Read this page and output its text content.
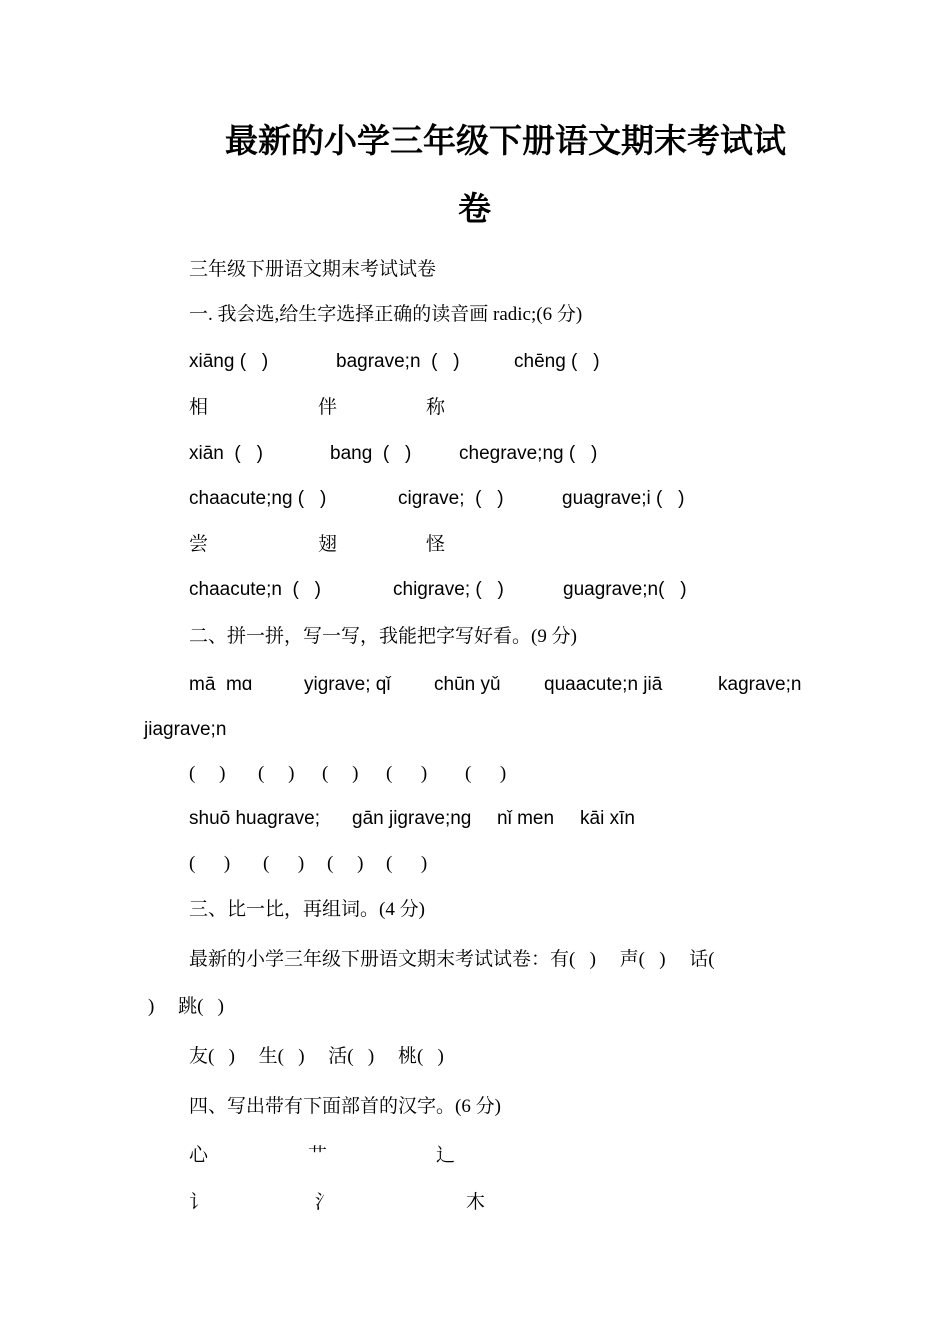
最新的小学三年级下册语文期末考试试
卷
三年级下册语文期末考试试卷
一. 我会选,给生字选择正确的读音画 radic;(6 分)
xiāng (   )	bagrave;n  (   )	chēng (   )
相	伴	称
xiān  (   )	bang  (   )	chegrave;ng (   )
chaacute;ng (   )	cigrave;  (   )	guagrave;i (   )
尝	翅	怪
chaacute;n  (   )	chigrave; (   )	guagrave;n(   )
二、拼一拼，写一写，我能把字写好看。(9 分)
mā  mɑ	yigrave; qǐ chūn yǔ quaacute;n jiā	kagrave;n
jiagrave;n
(     ) (     ) (     ) (      ) (      )
shuō huagrave; gān jigrave;ng nǐ men kāi xīn
(      ) (      ) (     ) (      )
三、比一比，再组词。(4 分)
最新的小学三年级下册语文期末考试试卷：有(   )     声(   )     话(
)     跳(   )
友(   )     生(   )     活(   )     桃(   )
四、写出带有下面部首的汉字。(6 分)
心	艹	辶
讠	氵	木
